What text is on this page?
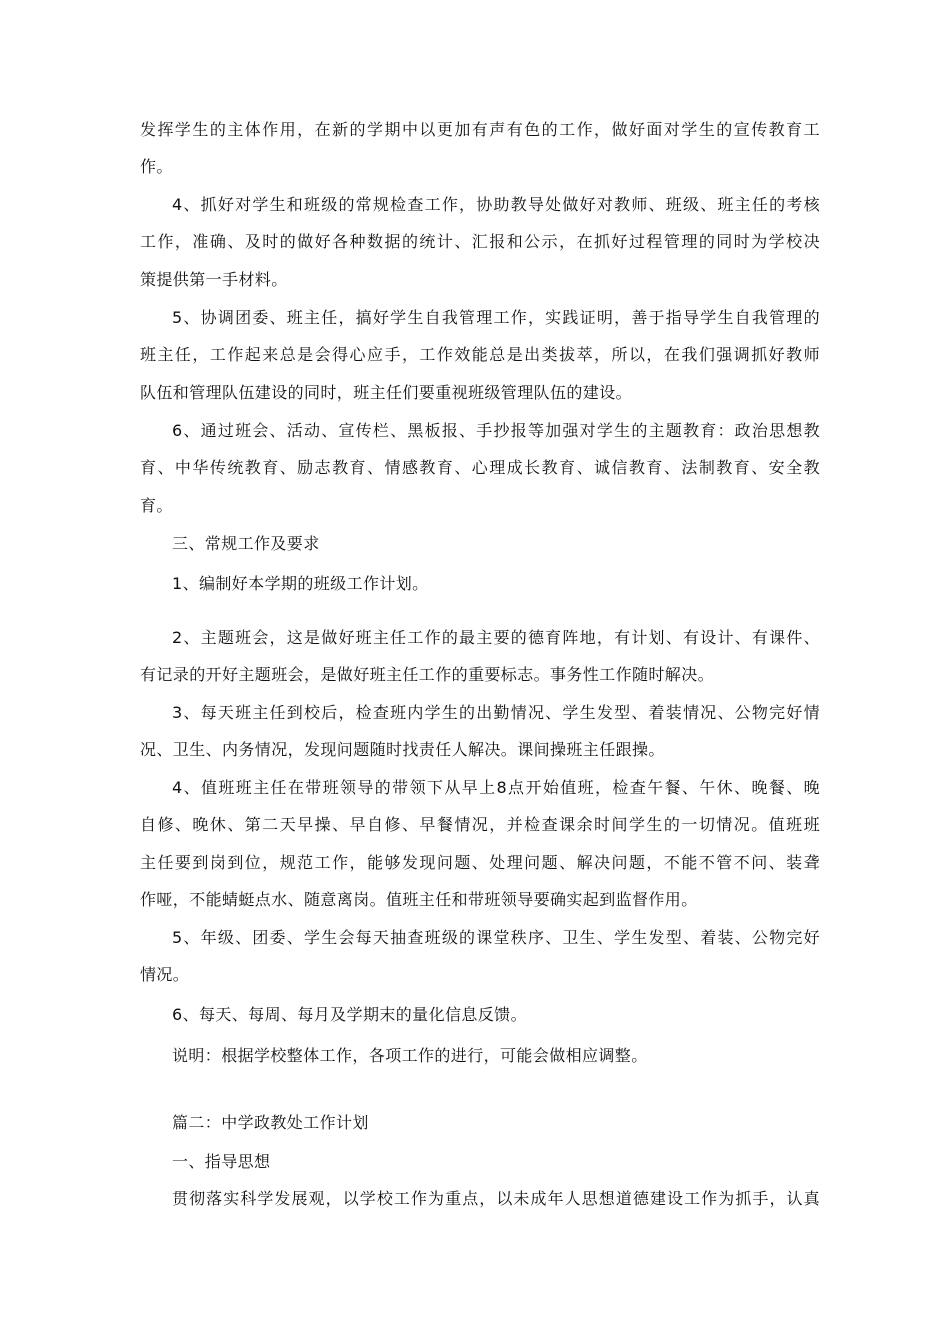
发挥学生的主体作用，在新的学期中以更加有声有色的工作，做好面对学生的宣传教育工
作。
4、抓好对学生和班级的常规检查工作，协助教导处做好对教师、班级、班主任的考核
工作，准确、及时的做好各种数据的统计、汇报和公示，在抓好过程管理的同时为学校决
策提供第一手材料。
5、协调团委、班主任，搞好学生自我管理工作，实践证明，善于指导学生自我管理的
班主任，工作起来总是会得心应手，工作效能总是出类拔萃，所以，在我们强调抓好教师
队伍和管理队伍建设的同时，班主任们要重视班级管理队伍的建设。
6、通过班会、活动、宣传栏、黑板报、手抄报等加强对学生的主题教育：政治思想教
育、中华传统教育、励志教育、情感教育、心理成长教育、诚信教育、法制教育、安全教
育。
三、常规工作及要求
1、编制好本学期的班级工作计划。
2、主题班会，这是做好班主任工作的最主要的德育阵地，有计划、有设计、有课件、
有记录的开好主题班会，是做好班主任工作的重要标志。事务性工作随时解决。
3、每天班主任到校后，检查班内学生的出勤情况、学生发型、着装情况、公物完好情
况、卫生、内务情况，发现问题随时找责任人解决。课间操班主任跟操。
4、值班班主任在带班领导的带领下从早上8点开始值班，检查午餐、午休、晚餐、晚
自修、晚休、第二天早操、早自修、早餐情况，并检查课余时间学生的一切情况。值班班
主任要到岗到位，规范工作，能够发现问题、处理问题、解决问题，不能不管不问、装聋
作哑，不能蜻蜓点水、随意离岗。值班主任和带班领导要确实起到监督作用。
5、年级、团委、学生会每天抽查班级的课堂秩序、卫生、学生发型、着装、公物完好
情况。
6、每天、每周、每月及学期末的量化信息反馈。
说明：根据学校整体工作，各项工作的进行，可能会做相应调整。
篇二：中学政教处工作计划
一、指导思想
贯彻落实科学发展观，以学校工作为重点，以未成年人思想道德建设工作为抓手，认真
